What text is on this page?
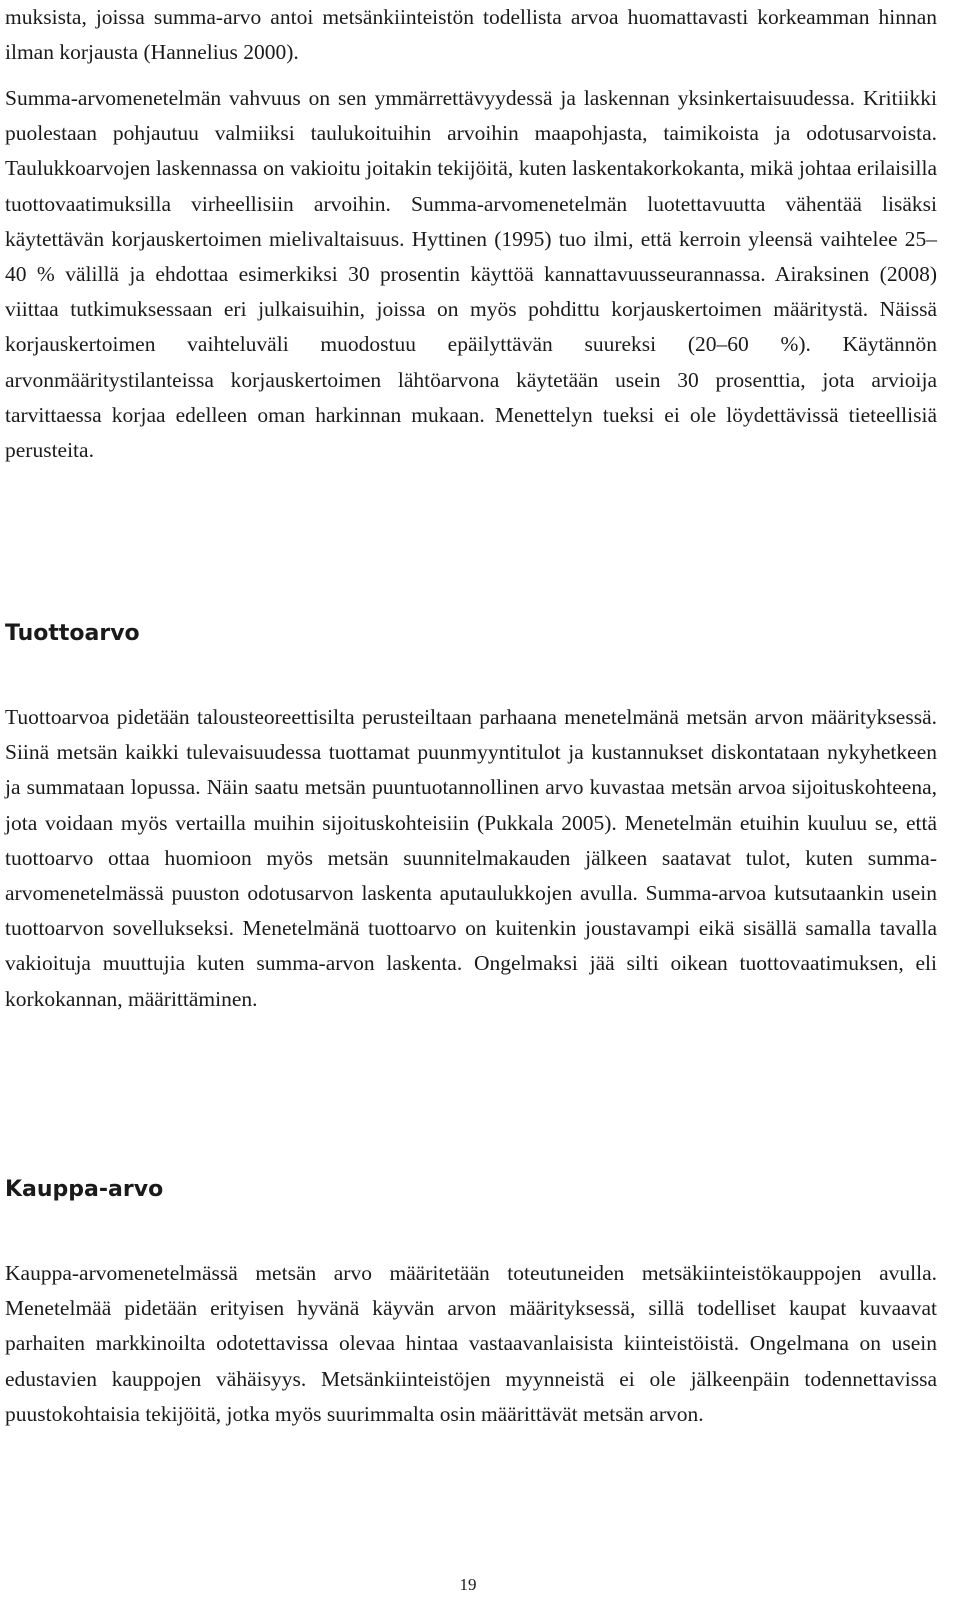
muksista, joissa summa-arvo antoi metsänkiinteistön todellista arvoa huomattavasti korkeamman hinnan ilman korjausta (Hannelius 2000).

Summa-arvomenetelmän vahvuus on sen ymmärrettävyydessä ja laskennan yksinkertaisuudessa. Kritiikki puolestaan pohjautuu valmiiksi taulukoituihin arvoihin maapohjasta, taimikoista ja odotusarvoista. Taulukkoarvojen laskennassa on vakioitu joitakin tekijöitä, kuten laskentakorkokanta, mikä johtaa erilaisilla tuottovaatimuksilla virheellisiin arvoihin. Summa-arvomenetelmän luotettavuutta vähentää lisäksi käytettävän korjauskertoimen mielivaltaisuus. Hyttinen (1995) tuo ilmi, että kerroin yleensä vaihtelee 25–40 % välillä ja ehdottaa esimerkiksi 30 prosentin käyttöä kannattavuusseurannassa. Airaksinen (2008) viittaa tutkimuksessaan eri julkaisuihin, joissa on myös pohdittu korjauskertoimen määritystä. Näissä korjauskertoimen vaihteluväli muodostuu epäilyttävän suureksi (20–60 %). Käytännön arvonmääritystilanteissa korjauskertoimen lähtöarvona käytetään usein 30 prosenttia, jota arvioija tarvittaessa korjaa edelleen oman harkinnan mukaan. Menettelyn tueksi ei ole löydettävissä tieteellisiä perusteita.

Tuottoarvo

Tuottoarvoa pidetään talousteoreettisilta perusteiltaan parhaana menetelmänä metsän arvon määrityksessä. Siinä metsän kaikki tulevaisuudessa tuottamat puunmyyntitulot ja kustannukset diskontataan nykyhetkeen ja summataan lopussa. Näin saatu metsän puuntuotannollinen arvo kuvastaa metsän arvoa sijoituskohteena, jota voidaan myös vertailla muihin sijoituskohteisiin (Pukkala 2005). Menetelmän etuihin kuuluu se, että tuottoarvo ottaa huomioon myös metsän suunnitelmakauden jälkeen saatavat tulot, kuten summa-arvomenetelmässä puuston odotusarvon laskenta aputaulukkojen avulla. Summa-arvoa kutsutaankin usein tuottoarvon sovellukseksi. Menetelmänä tuottoarvo on kuitenkin joustavampi eikä sisällä samalla tavalla vakioituja muuttujia kuten summa-arvon laskenta. Ongelmaksi jää silti oikean tuottovaatimuksen, eli korkokannan, määrittäminen.

Kauppa-arvo

Kauppa-arvomenetelmässä metsän arvo määritetään toteutuneiden metsäkiinteistökauppojen avulla. Menetelmää pidetään erityisen hyvänä käyvän arvon määrityksessä, sillä todelliset kaupat kuvaavat parhaiten markkinoilta odotettavissa olevaa hintaa vastaavanlaisista kiinteistöistä. Ongelmana on usein edustavien kauppojen vähäisyys. Metsänkiinteistöjen myynneistä ei ole jälkeenpäin todennettavissa puustokohtaisia tekijöitä, jotka myös suurimmalta osin määrittävät metsän arvon.

19
